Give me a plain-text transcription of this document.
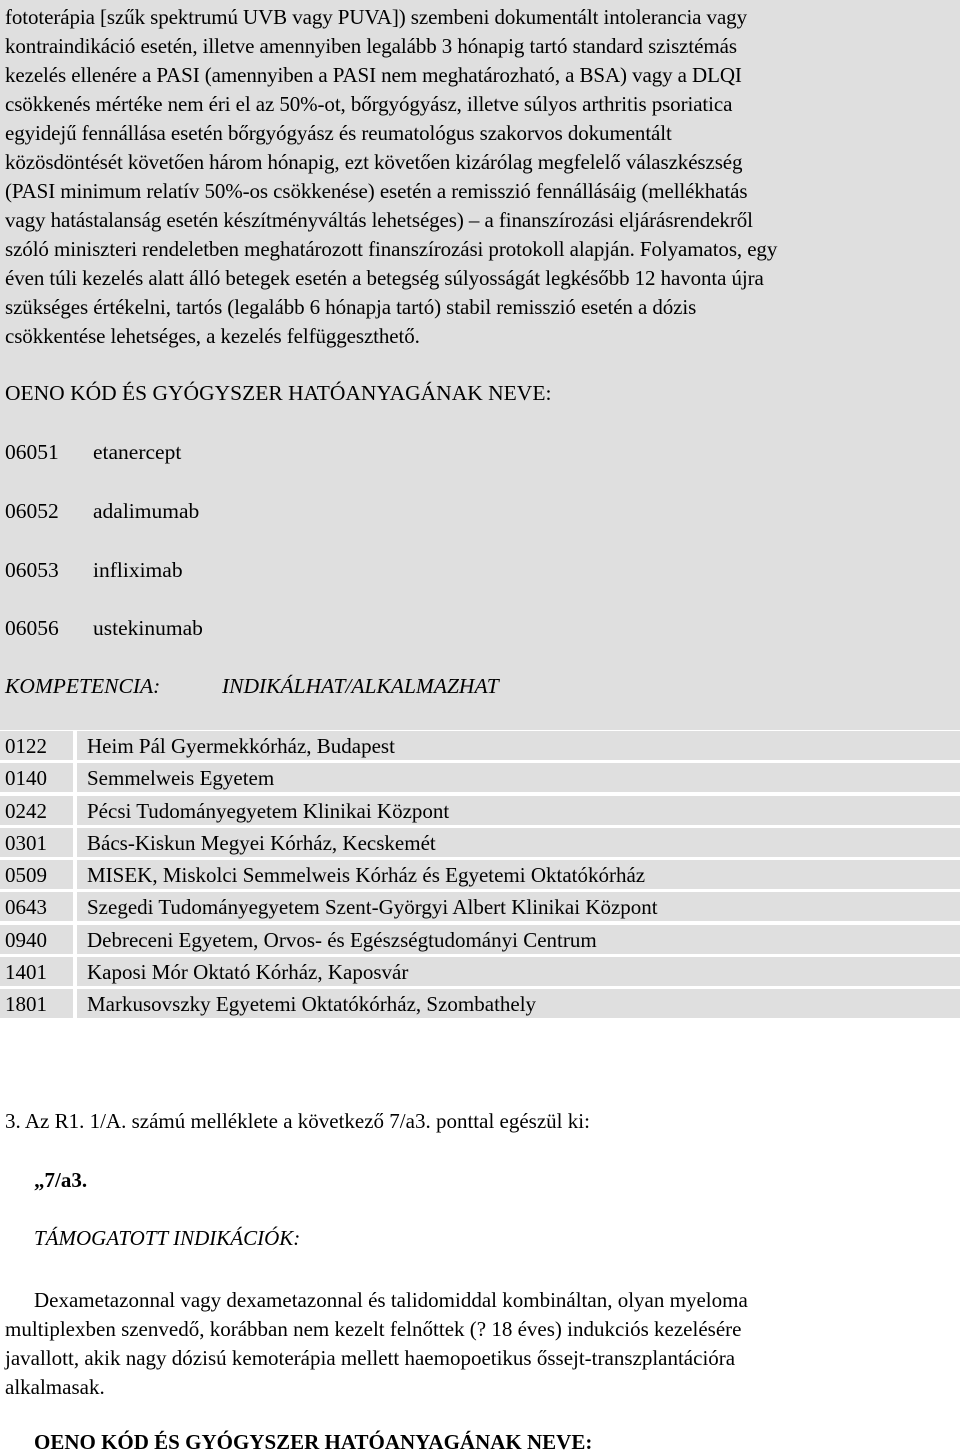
fototerápia [szűk spektrumú UVB vagy PUVA]) szembeni dokumentált intolerancia vagy
kontraindikáció esetén, illetve amennyiben legalább 3 hónapig tartó standard szisztémás
kezelés ellenére a PASI (amennyiben a PASI nem meghatározható, a BSA) vagy a DLQI
csökkenés mértéke nem éri el az 50%-ot, bőrgyógyász, illetve súlyos arthritis psoriatica
egyidejű fennállása esetén bőrgyógyász és reumatológus szakorvos dokumentált
közösdöntését követően három hónapig, ezt követően kizárólag megfelelő válaszkészség
(PASI minimum relatív 50%-os csökkenése) esetén a remisszió fennállásáig (mellékhatás
vagy hatástalanság esetén készítményváltás lehetséges) – a finanszírozási eljárásrendekről
szóló miniszteri rendeletben meghatározott finanszírozási protokoll alapján. Folyamatos, egy
éven túli kezelés alatt álló betegek esetén a betegség súlyosságát legkésőbb 12 havonta újra
szükséges értékelni, tartós (legalább 6 hónapja tartó) stabil remisszió esetén a dózis
csökkentése lehetséges, a kezelés felfüggeszthető.
OENO KÓD ÉS GYÓGYSZER HATÓANYAGÁNAK NEVE:
06051 etanercept
06052 adalimumab
06053 infliximab
06056 ustekinumab
KOMPETENCIA:	INDIKÁLHAT/ALKALMAZHAT
0122	Heim Pál Gyermekkórház, Budapest
0140	Semmelweis Egyetem
0242	Pécsi Tudományegyetem Klinikai Központ
0301	Bács-Kiskun Megyei Kórház, Kecskemét
0509	MISEK, Miskolci Semmelweis Kórház és Egyetemi Oktatókórház
0643	Szegedi Tudományegyetem Szent-Györgyi Albert Klinikai Központ
0940	Debreceni Egyetem, Orvos- és Egészségtudományi Centrum
1401	Kaposi Mór Oktató Kórház, Kaposvár
1801	Markusovszky Egyetemi Oktatókórház, Szombathely
3. Az R1. 1/A. számú melléklete a következő 7/a3. ponttal egészül ki:
„7/a3.
TÁMOGATOTT INDIKÁCIÓK:
Dexametazonnal vagy dexametazonnal és talidomiddal kombináltan, olyan myeloma
multiplexben szenvedő, korábban nem kezelt felnőttek (? 18 éves) indukciós kezelésére
javallott, akik nagy dózisú kemoterápia mellett haemopoetikus őssejt-transzplantációra
alkalmasak.
OENO KÓD ÉS GYÓGYSZER HATÓANYAGÁNAK NEVE:
